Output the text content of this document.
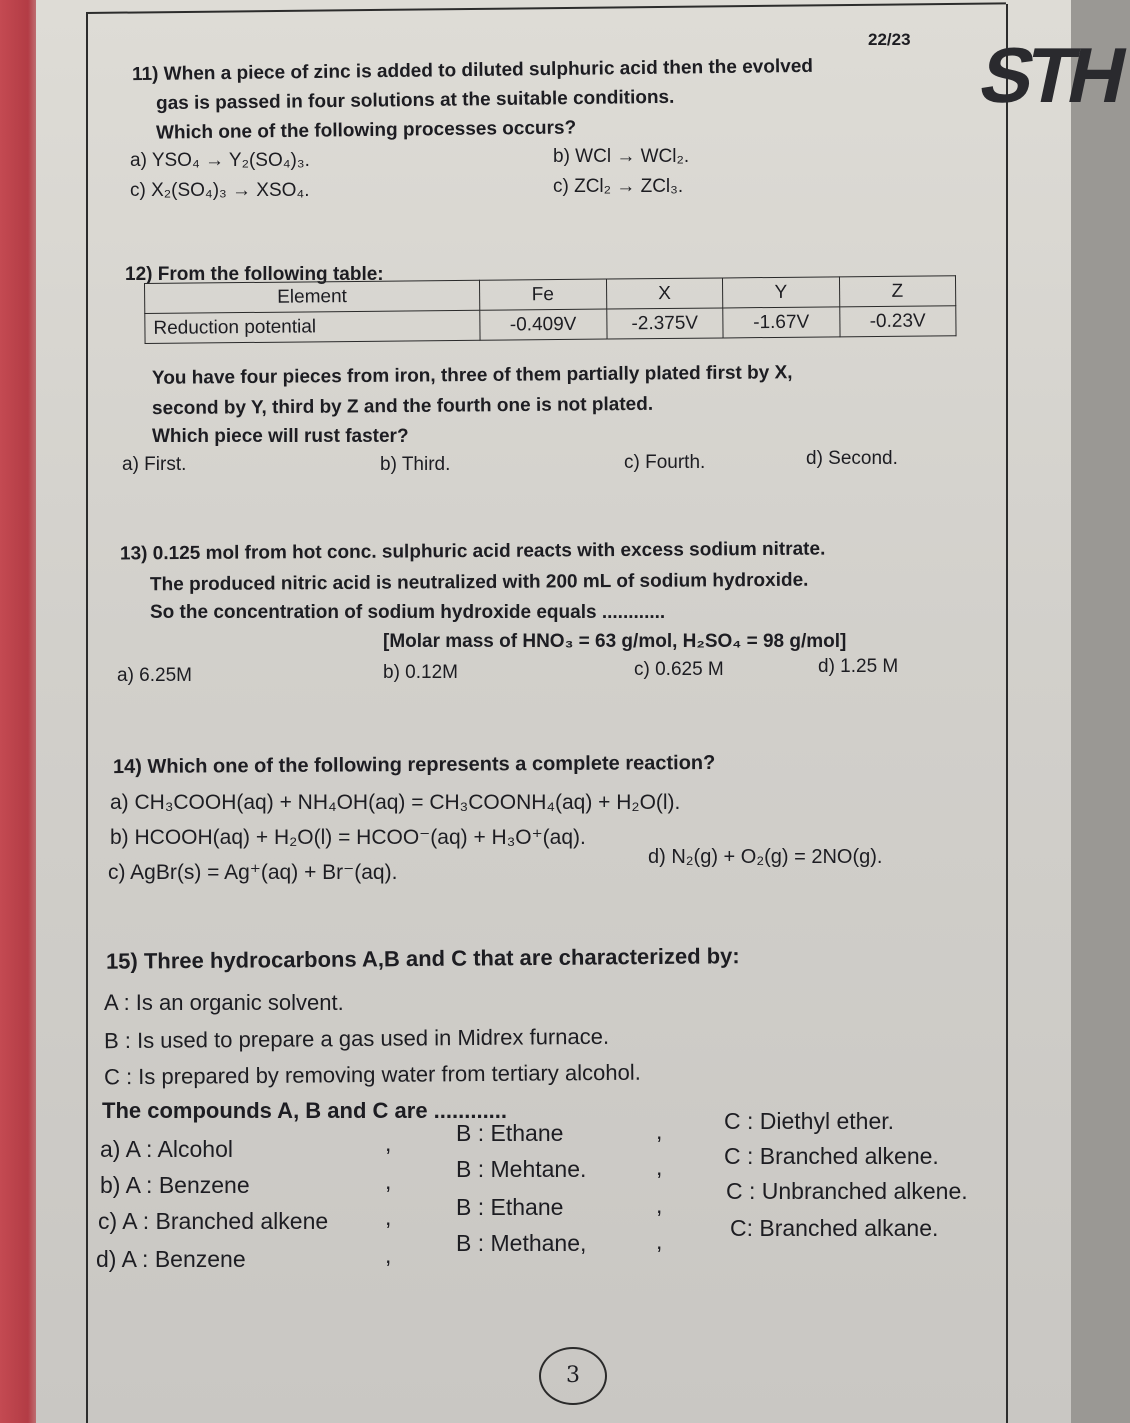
STH
22/23
11) When a piece of zinc is added to diluted sulphuric acid then the evolved
gas is passed in four solutions at the suitable conditions.
Which one of the following processes occurs?
a) YSO₄ → Y₂(SO₄)₃.	b) WCl → WCl₂.
c) X₂(SO₄)₃ → XSO₄.	c) ZCl₂ → ZCl₃.
12) From the following table:
Element	Fe	X	Y	Z
Reduction potential	-0.409V	-2.375V	-1.67V	-0.23V
You have four pieces from iron, three of them partially plated first by X,
second by Y, third by Z and the fourth one is not plated.
Which piece will rust faster?
a) First.	b) Third.	c) Fourth.	d) Second.
13) 0.125 mol from hot conc. sulphuric acid reacts with excess sodium nitrate.
The produced nitric acid is neutralized with 200 mL of sodium hydroxide.
So the concentration of sodium hydroxide equals ............
[Molar mass of HNO₃ = 63 g/mol, H₂SO₄ = 98 g/mol]
a) 6.25M	b) 0.12M	c) 0.625 M	d) 1.25 M
14) Which one of the following represents a complete reaction?
a) CH₃COOH(aq) + NH₄OH(aq) = CH₃COONH₄(aq) + H₂O(l).
b) HCOOH(aq) + H₂O(l) = HCOO⁻(aq) + H₃O⁺(aq).
c) AgBr(s) = Ag⁺(aq) + Br⁻(aq).
d) N₂(g) + O₂(g) = 2NO(g).
15) Three hydrocarbons A,B and C that are characterized by:
A : Is an organic solvent.
B : Is used to prepare a gas used in Midrex furnace.
C : Is prepared by removing water from tertiary alcohol.
The compounds A, B and C are ............
a) A : Alcohol	,	B : Ethane	,	C : Diethyl ether.
b) A : Benzene	,	B : Mehtane.	,	C : Branched alkene.
c) A : Branched alkene ,	B : Ethane	,
C : Unbranched alkene.
d) A : Benzene	,	B : Methane,	,	C: Branched alkane.
3
